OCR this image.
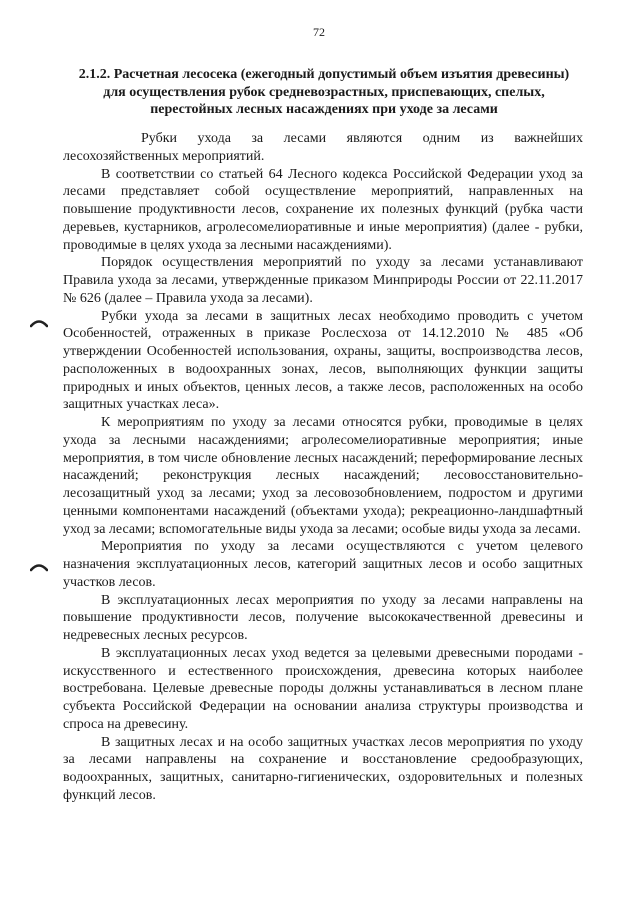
72
2.1.2. Расчетная лесосека (ежегодный допустимый объем изъятия древесины) для осуществления рубок средневозрастных, приспевающих, спелых, перестойных лесных насаждениях при уходе за лесами

Рубки ухода за лесами являются одним из важнейших лесохозяйственных мероприятий.

В соответствии со статьей 64 Лесного кодекса Российской Федерации уход за лесами представляет собой осуществление мероприятий, направленных на повышение продуктивности лесов, сохранение их полезных функций (рубка части деревьев, кустарников, агролесомелиоративные и иные мероприятия) (далее - рубки, проводимые в целях ухода за лесными насаждениями).

Порядок осуществления мероприятий по уходу за лесами устанавливают Правила ухода за лесами, утвержденные приказом Минприроды России от 22.11.2017 № 626 (далее – Правила ухода за лесами).

Рубки ухода за лесами в защитных лесах необходимо проводить с учетом Особенностей, отраженных в приказе Рослесхоза от 14.12.2010 № 485 «Об утверждении Особенностей использования, охраны, защиты, воспроизводства лесов, расположенных в водоохранных зонах, лесов, выполняющих функции защиты природных и иных объектов, ценных лесов, а также лесов, расположенных на особо защитных участках леса».

К мероприятиям по уходу за лесами относятся рубки, проводимые в целях ухода за лесными насаждениями; агролесомелиоративные мероприятия; иные мероприятия, в том числе обновление лесных насаждений; переформирование лесных насаждений; реконструкция лесных насаждений; лесовосстановительно-лесозащитный уход за лесами; уход за лесовозобновлением, подростом и другими ценными компонентами насаждений (объектами ухода); рекреационно-ландшафтный уход за лесами; вспомогательные виды ухода за лесами; особые виды ухода за лесами.

Мероприятия по уходу за лесами осуществляются с учетом целевого назначения эксплуатационных лесов, категорий защитных лесов и особо защитных участков лесов.

В эксплуатационных лесах мероприятия по уходу за лесами направлены на повышение продуктивности лесов, получение высококачественной древесины и недревесных лесных ресурсов.

В эксплуатационных лесах уход ведется за целевыми древесными породами - искусственного и естественного происхождения, древесина которых наиболее востребована. Целевые древесные породы должны устанавливаться в лесном плане субъекта Российской Федерации на основании анализа структуры производства и спроса на древесину.

В защитных лесах и на особо защитных участках лесов мероприятия по уходу за лесами направлены на сохранение и восстановление средообразующих, водоохранных, защитных, санитарно-гигиенических, оздоровительных и полезных функций лесов.
